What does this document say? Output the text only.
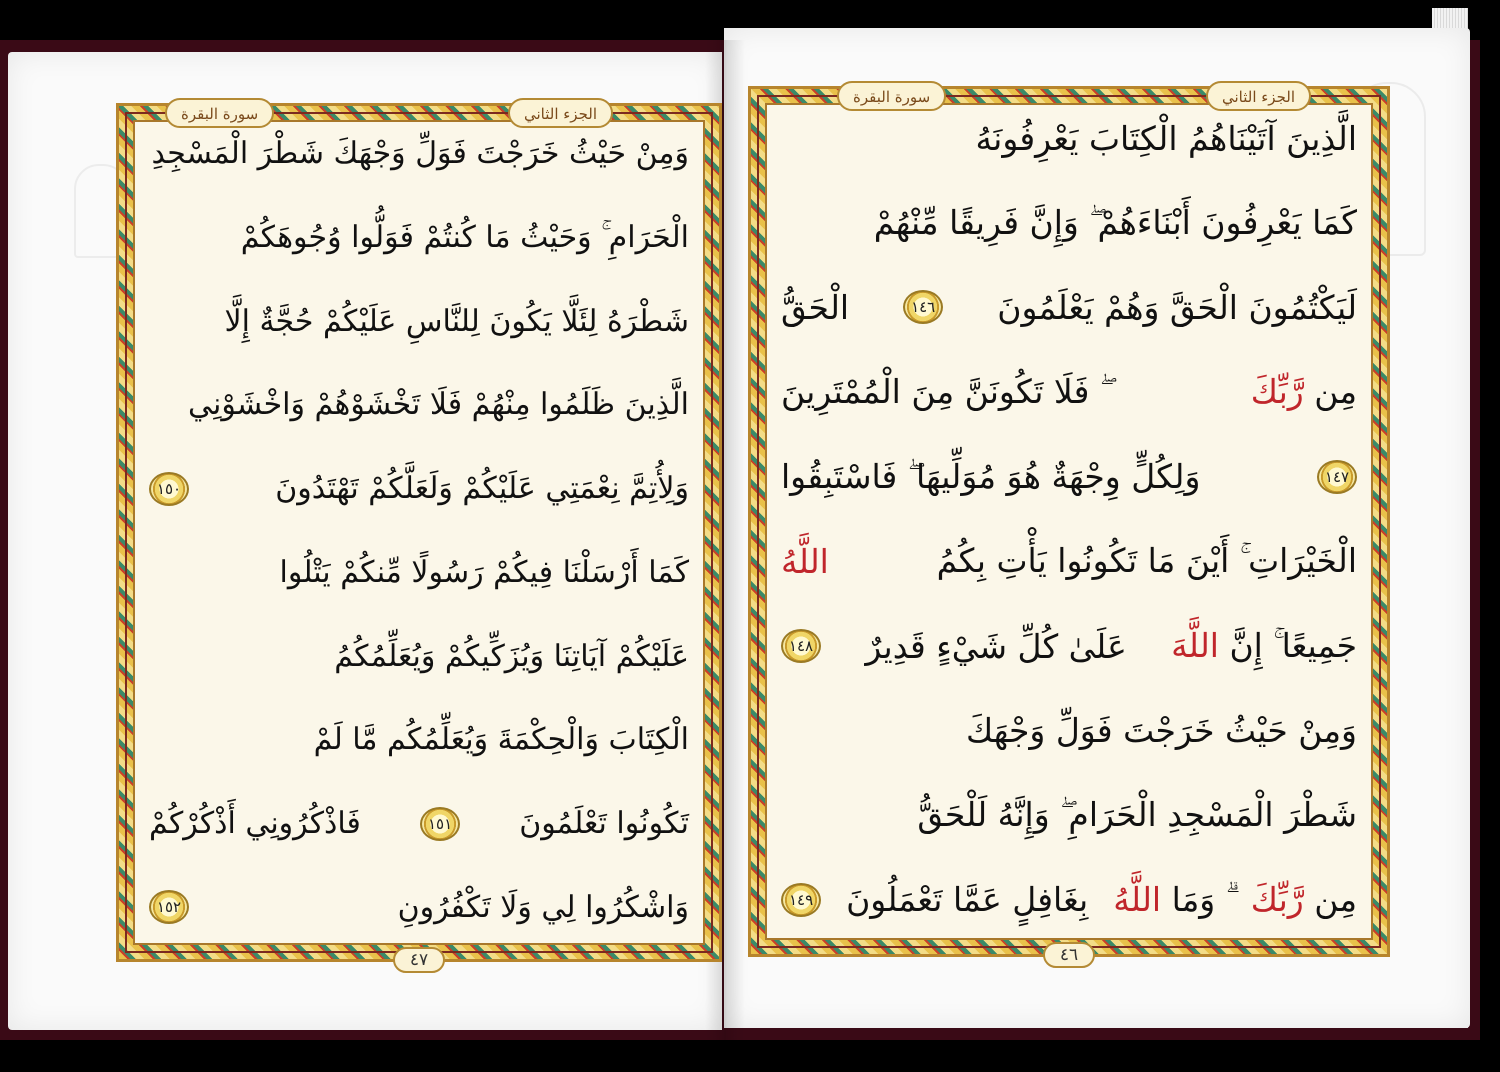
الجزء الثاني
سورة البقرة
وَمِنْ حَيْثُ خَرَجْتَ فَوَلِّ وَجْهَكَ شَطْرَ الْمَسْجِدِ
الْحَرَامِ ۚ وَحَيْثُ مَا كُنتُمْ فَوَلُّوا وُجُوهَكُمْ
شَطْرَهُ لِئَلَّا يَكُونَ لِلنَّاسِ عَلَيْكُمْ حُجَّةٌ إِلَّا
الَّذِينَ ظَلَمُوا مِنْهُمْ فَلَا تَخْشَوْهُمْ وَاخْشَوْنِي
وَلِأُتِمَّ نِعْمَتِي عَلَيْكُمْ وَلَعَلَّكُمْ تَهْتَدُونَ
١٥٠
كَمَا أَرْسَلْنَا فِيكُمْ رَسُولًا مِّنكُمْ يَتْلُوا
عَلَيْكُمْ آيَاتِنَا وَيُزَكِّيكُمْ وَيُعَلِّمُكُمُ
الْكِتَابَ وَالْحِكْمَةَ وَيُعَلِّمُكُم مَّا لَمْ
تَكُونُوا تَعْلَمُونَ
١٥١
فَاذْكُرُونِي أَذْكُرْكُمْ
وَاشْكُرُوا لِي وَلَا تَكْفُرُونِ
١٥٢
٤٧
الجزء الثاني
سورة البقرة
الَّذِينَ آتَيْنَاهُمُ الْكِتَابَ يَعْرِفُونَهُ
كَمَا يَعْرِفُونَ أَبْنَاءَهُمْ ۖ وَإِنَّ فَرِيقًا مِّنْهُمْ
لَيَكْتُمُونَ الْحَقَّ وَهُمْ يَعْلَمُونَ
١٤٦
الْحَقُّ
مِن رَّبِّكَ
ۖ فَلَا تَكُونَنَّ مِنَ الْمُمْتَرِينَ
١٤٧
وَلِكُلٍّ وِجْهَةٌ هُوَ مُوَلِّيهَا ۖ فَاسْتَبِقُوا
الْخَيْرَاتِ ۚ أَيْنَ مَا تَكُونُوا يَأْتِ بِكُمُ
اللَّهُ
جَمِيعًا ۚ إِنَّ اللَّهَ
عَلَىٰ كُلِّ شَيْءٍ قَدِيرٌ
١٤٨
وَمِنْ حَيْثُ خَرَجْتَ فَوَلِّ وَجْهَكَ
شَطْرَ الْمَسْجِدِ الْحَرَامِ ۖ وَإِنَّهُ لَلْحَقُّ
مِن رَّبِّكَ
ۗ وَمَا اللَّهُ
بِغَافِلٍ عَمَّا تَعْمَلُونَ
١٤٩
٤٦
